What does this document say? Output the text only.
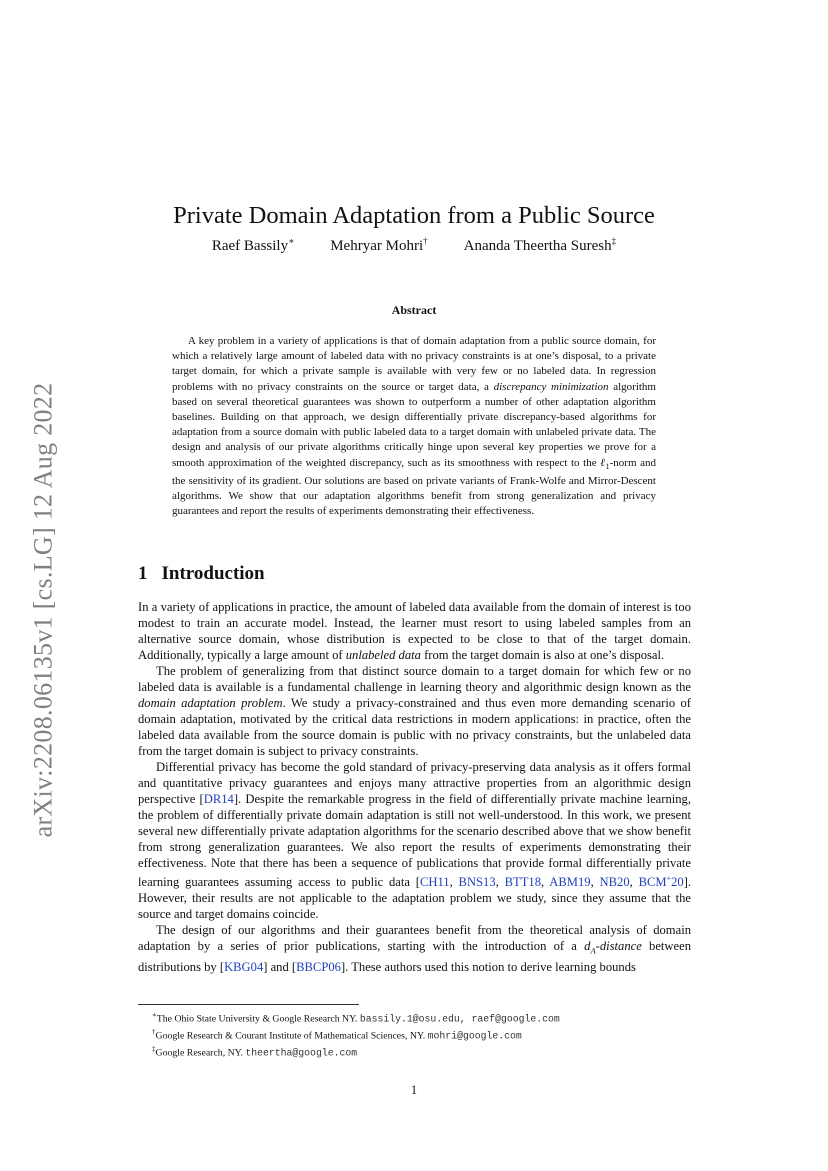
arXiv:2208.06135v1 [cs.LG] 12 Aug 2022
Private Domain Adaptation from a Public Source
Raef Bassily∗ Mehryar Mohri† Ananda Theertha Suresh‡
Abstract

A key problem in a variety of applications is that of domain adaptation from a public source domain, for which a relatively large amount of labeled data with no privacy constraints is at one’s disposal, to a private target domain, for which a private sample is available with very few or no labeled data. In regression problems with no privacy constraints on the source or target data, a discrepancy minimization algorithm based on several theoretical guarantees was shown to outperform a number of other adaptation algorithm baselines. Building on that approach, we design differentially private discrepancy-based algorithms for adaptation from a source domain with public labeled data to a target domain with unlabeled private data. The design and analysis of our private algorithms critically hinge upon several key properties we prove for a smooth approximation of the weighted discrepancy, such as its smoothness with respect to the ℓ$_1$-norm and the sensitivity of its gradient. Our solutions are based on private variants of Frank-Wolfe and Mirror-Descent algorithms. We show that our adaptation algorithms benefit from strong generalization and privacy guarantees and report the results of experiments demonstrating their effectiveness.

1 Introduction

In a variety of applications in practice, the amount of labeled data available from the domain of interest is too modest to train an accurate model. Instead, the learner must resort to using labeled samples from an alternative source domain, whose distribution is expected to be close to that of the target domain. Additionally, typically a large amount of unlabeled data from the target domain is also at one’s disposal.

The problem of generalizing from that distinct source domain to a target domain for which few or no labeled data is available is a fundamental challenge in learning theory and algorithmic design known as the domain adaptation problem. We study a privacy-constrained and thus even more demanding scenario of domain adaptation, motivated by the critical data restrictions in modern applications: in practice, often the labeled data available from the source domain is public with no privacy constraints, but the unlabeled data from the target domain is subject to privacy constraints.

Differential privacy has become the gold standard of privacy-preserving data analysis as it offers formal and quantitative privacy guarantees and enjoys many attractive properties from an algorithmic design perspective [DR14]. Despite the remarkable progress in the field of differentially private machine learning, the problem of differentially private domain adaptation is still not well-understood. In this work, we present several new differentially private adaptation algorithms for the scenario described above that we show benefit from strong generalization guarantees. We also report the results of experiments demonstrating their effectiveness. Note that there has been a sequence of publications that provide formal differentially private learning guarantees assuming access to public data [CH11, BNS13, BTT18, ABM19, NB20, BCM+20]. However, their results are not applicable to the adaptation problem we study, since they assume that the source and target domains coincide.

The design of our algorithms and their guarantees benefit from the theoretical analysis of domain adaptation by a series of prior publications, starting with the introduction of a $d_A$-distance between distributions by [KBG04] and [BBCP06]. These authors used this notion to derive learning bounds

∗The Ohio State University & Google Research NY. bassily.1@osu.edu, raef@google.com
†Google Research & Courant Institute of Mathematical Sciences, NY. mohri@google.com
‡Google Research, NY. theertha@google.com
1
